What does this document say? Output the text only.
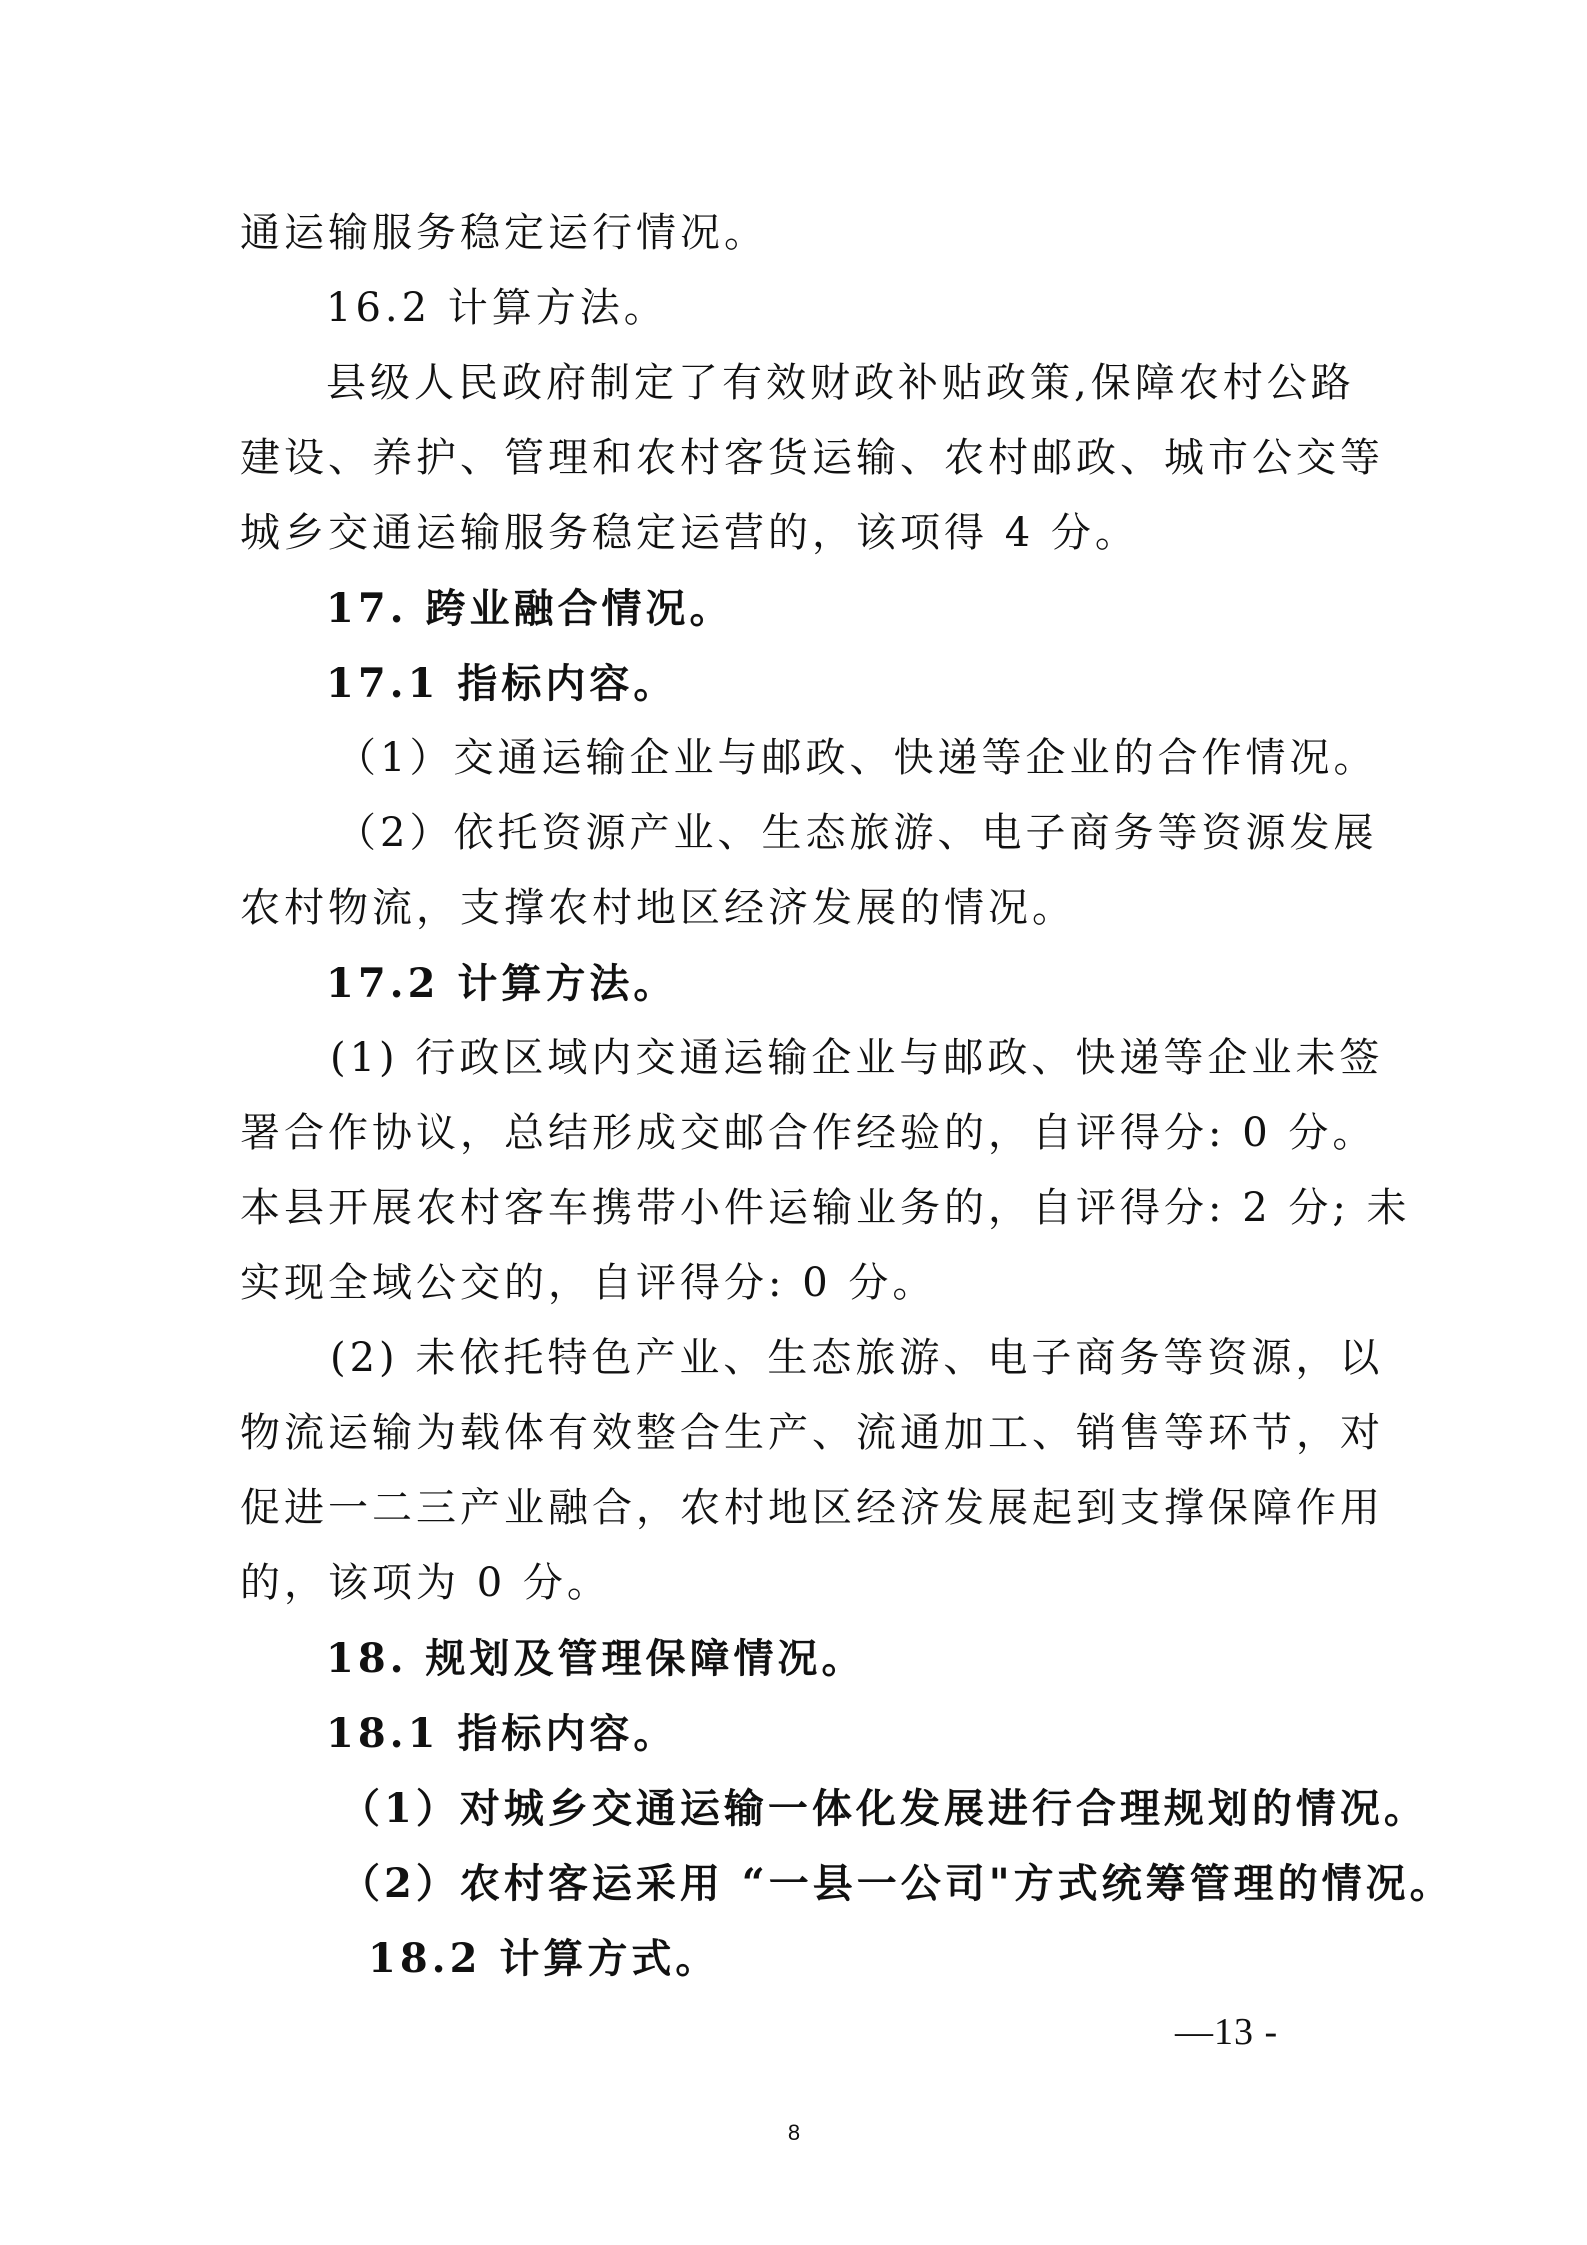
通运输服务稳定运行情况。
16.2 计算方法。
县级人民政府制定了有效财政补贴政策,保障农村公路
建设、养护、管理和农村客货运输、农村邮政、城市公交等
城乡交通运输服务稳定运营的，该项得 4 分。
17. 跨业融合情况。
17.1 指标内容。
（1）交通运输企业与邮政、快递等企业的合作情况。
（2）依托资源产业、生态旅游、电子商务等资源发展
农村物流，支撑农村地区经济发展的情况。
17.2 计算方法。
(1) 行政区域内交通运输企业与邮政、快递等企业未签
署合作协议，总结形成交邮合作经验的，自评得分: 0 分。
本县开展农村客车携带小件运输业务的，自评得分: 2 分; 未
实现全域公交的，自评得分: 0 分。
(2) 未依托特色产业、生态旅游、电子商务等资源，以
物流运输为载体有效整合生产、流通加工、销售等环节，对
促进一二三产业融合，农村地区经济发展起到支撑保障作用
的，该项为 0 分。
18. 规划及管理保障情况。
18.1 指标内容。
（1）对城乡交通运输一体化发展进行合理规划的情况。
（2）农村客运采用 “一县一公司"方式统筹管理的情况。
18.2 计算方式。
—13 -
8
